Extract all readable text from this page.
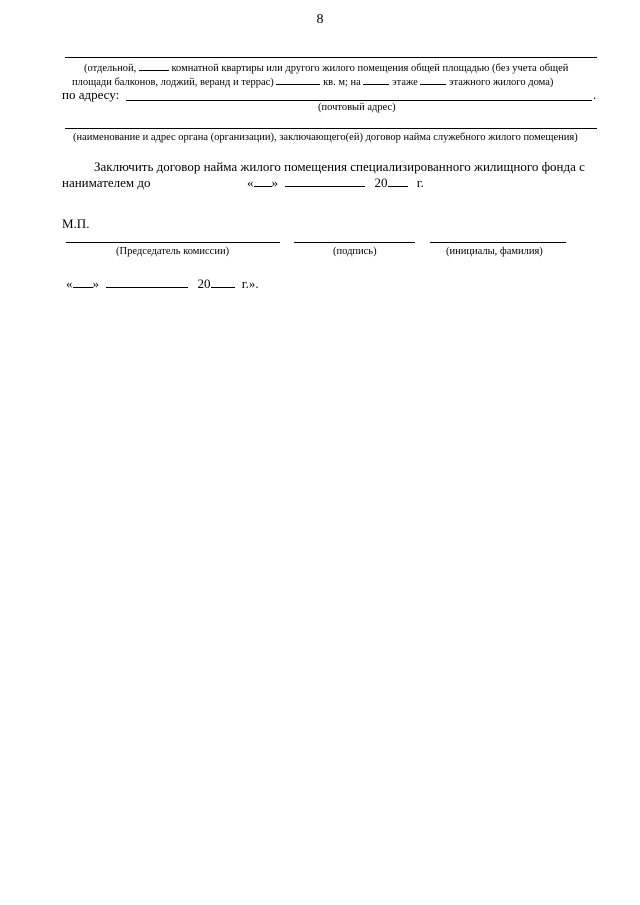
8
(отдельной,	комнатной квартиры или другого жилого помещения общей площадью (без учета общей
площади балконов, лоджий, веранд и террас)	кв. м; на  этаже  этажного жилого дома)
по адресу:	.
(почтовый адрес)
(наименование и адрес органа (организации), заключающего(ей) договор найма служебного жилого помещения)
Заключить договор найма жилого помещения специализированного жилищного фонда с
нанимателем до	« »	20 г.
М.П.
(Председатель комиссии)	(подпись)	(инициалы, фамилия)
« »	20 г.».
